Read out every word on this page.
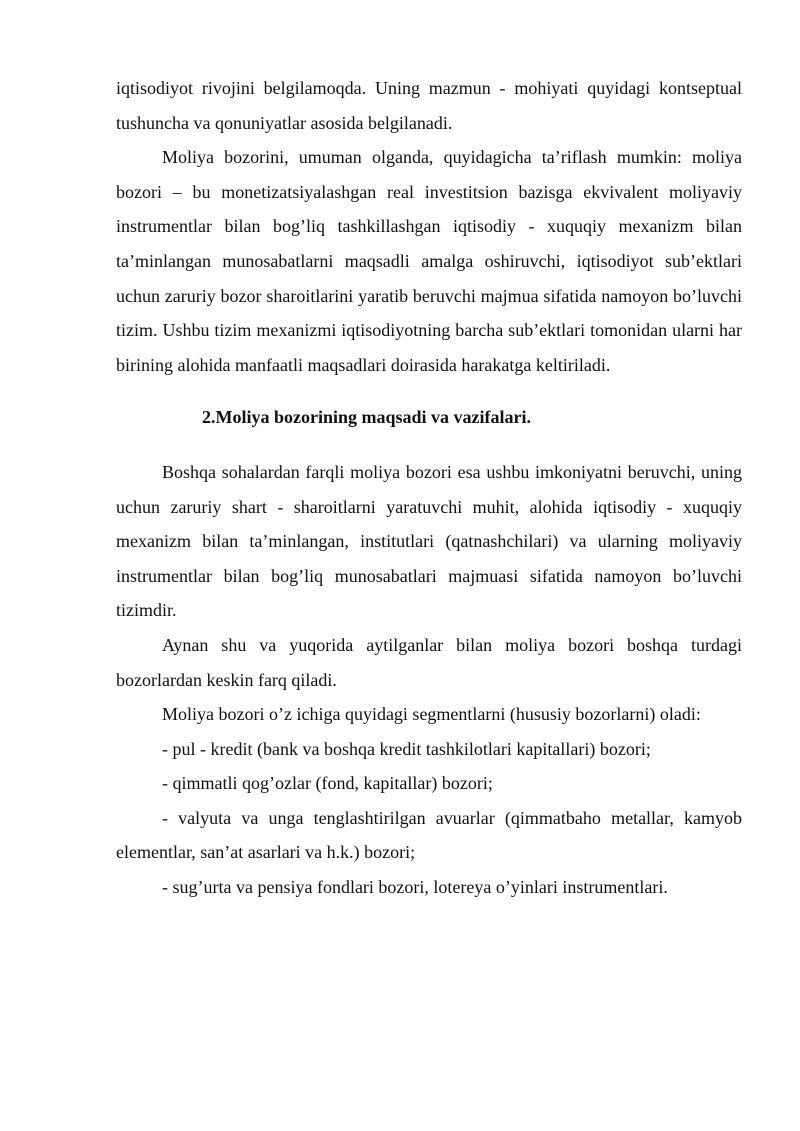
iqtisodiyot rivojini belgilamoqda. Uning mazmun - mohiyati quyidagi kontseptual tushuncha va qonuniyatlar asosida belgilanadi.

Moliya bozorini, umuman olganda, quyidagicha ta’riflash mumkin: moliya bozori – bu monetizatsiyalashgan real investitsion bazisga ekvivalent moliyaviy instrumentlar bilan bog’liq tashkillashgan iqtisodiy - xuquqiy mexanizm bilan ta’minlangan munosabatlarni maqsadli amalga oshiruvchi, iqtisodiyot sub’ektlari uchun zaruriy bozor sharoitlarini yaratib beruvchi majmua sifatida namoyon bo’luvchi tizim. Ushbu tizim mexanizmi iqtisodiyotning barcha sub’ektlari tomonidan ularni har birining alohida manfaatli maqsadlari doirasida harakatga keltiriladi.

2.Moliya bozorining maqsadi va vazifalari.

Boshqa sohalardan farqli moliya bozori esa ushbu imkoniyatni beruvchi, uning uchun zaruriy shart - sharoitlarni yaratuvchi muhit, alohida iqtisodiy - xuquqiy mexanizm bilan ta’minlangan, institutlari (qatnashchilari) va ularning moliyaviy instrumentlar bilan bog’liq munosabatlari majmuasi sifatida namoyon bo’luvchi tizimdir.

Aynan shu va yuqorida aytilganlar bilan moliya bozori boshqa turdagi bozorlardan keskin farq qiladi.

Moliya bozori o’z ichiga quyidagi segmentlarni (hususiy bozorlarni) oladi:

- pul - kredit (bank va boshqa kredit tashkilotlari kapitallari) bozori;

- qimmatli qog’ozlar (fond, kapitallar) bozori;

- valyuta va unga tenglashtirilgan avuarlar (qimmatbaho metallar, kamyob elementlar, san’at asarlari va h.k.) bozori;

- sug’urta va pensiya fondlari bozori, lotereya o’yinlari instrumentlari.
